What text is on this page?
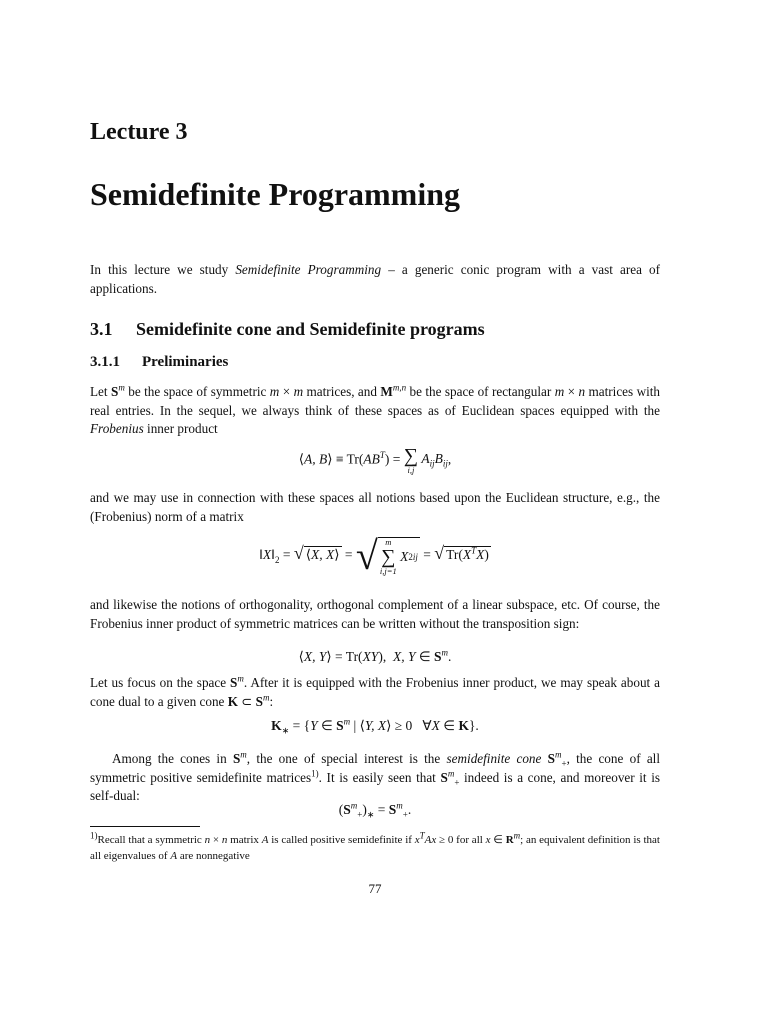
Lecture 3
Semidefinite Programming

In this lecture we study Semidefinite Programming – a generic conic program with a vast area of applications.

3.1 Semidefinite cone and Semidefinite programs
3.1.1 Preliminaries

Let $S^m$ be the space of symmetric m × m matrices, and M$^{m,n}$ be the space of rectangular m × n matrices with real entries. In the sequel, we always think of these spaces as of Euclidean spaces equipped with the Frobenius inner product

⟨A, B⟩ ≡ $Tr(AB^T)$ = ∑
i,j
$A_{ij}B_{ij}$,

and we may use in connection with these spaces all notions based upon the Euclidean structure, e.g., the (Frobenius) norm of a matrix

$‖X‖_2$ = √ ⟨X, X⟩ = √ m
∑
i,j=1

X 2 ij = √ $Tr(X^TX)$

and likewise the notions of orthogonality, orthogonal complement of a linear subspace, etc. Of course, the Frobenius inner product of symmetric matrices can be written without the transposition sign:

⟨X, Y⟩ = Tr(XY),  X, Y ∈ $S^m$.

Let us focus on the space $S^m$. After it is equipped with the Frobenius inner product, we may speak about a cone dual to a given cone K ⊂ $S^m$:

$K_∗ = \{Y$ ∈ $S^m$ | ⟨Y, X⟩ ≥ 0   ∀X ∈ K}.

Among the cones in $S^m$, the one of special interest is the semidefinite cone $S^m_+$, the cone of all symmetric positive semidefinite matrices$^{1)}$. It is easily seen that $S^m_+$ indeed is a cone, and moreover it is self-dual:

$(S^m_+)_∗ = S^m_+$.
$^{1)}$Recall that a symmetric n × n matrix A is called positive semidefinite if $x^TAx \ge 0$ for all x ∈ $R^m$; an equivalent definition is that all eigenvalues of A are nonnegative
77
